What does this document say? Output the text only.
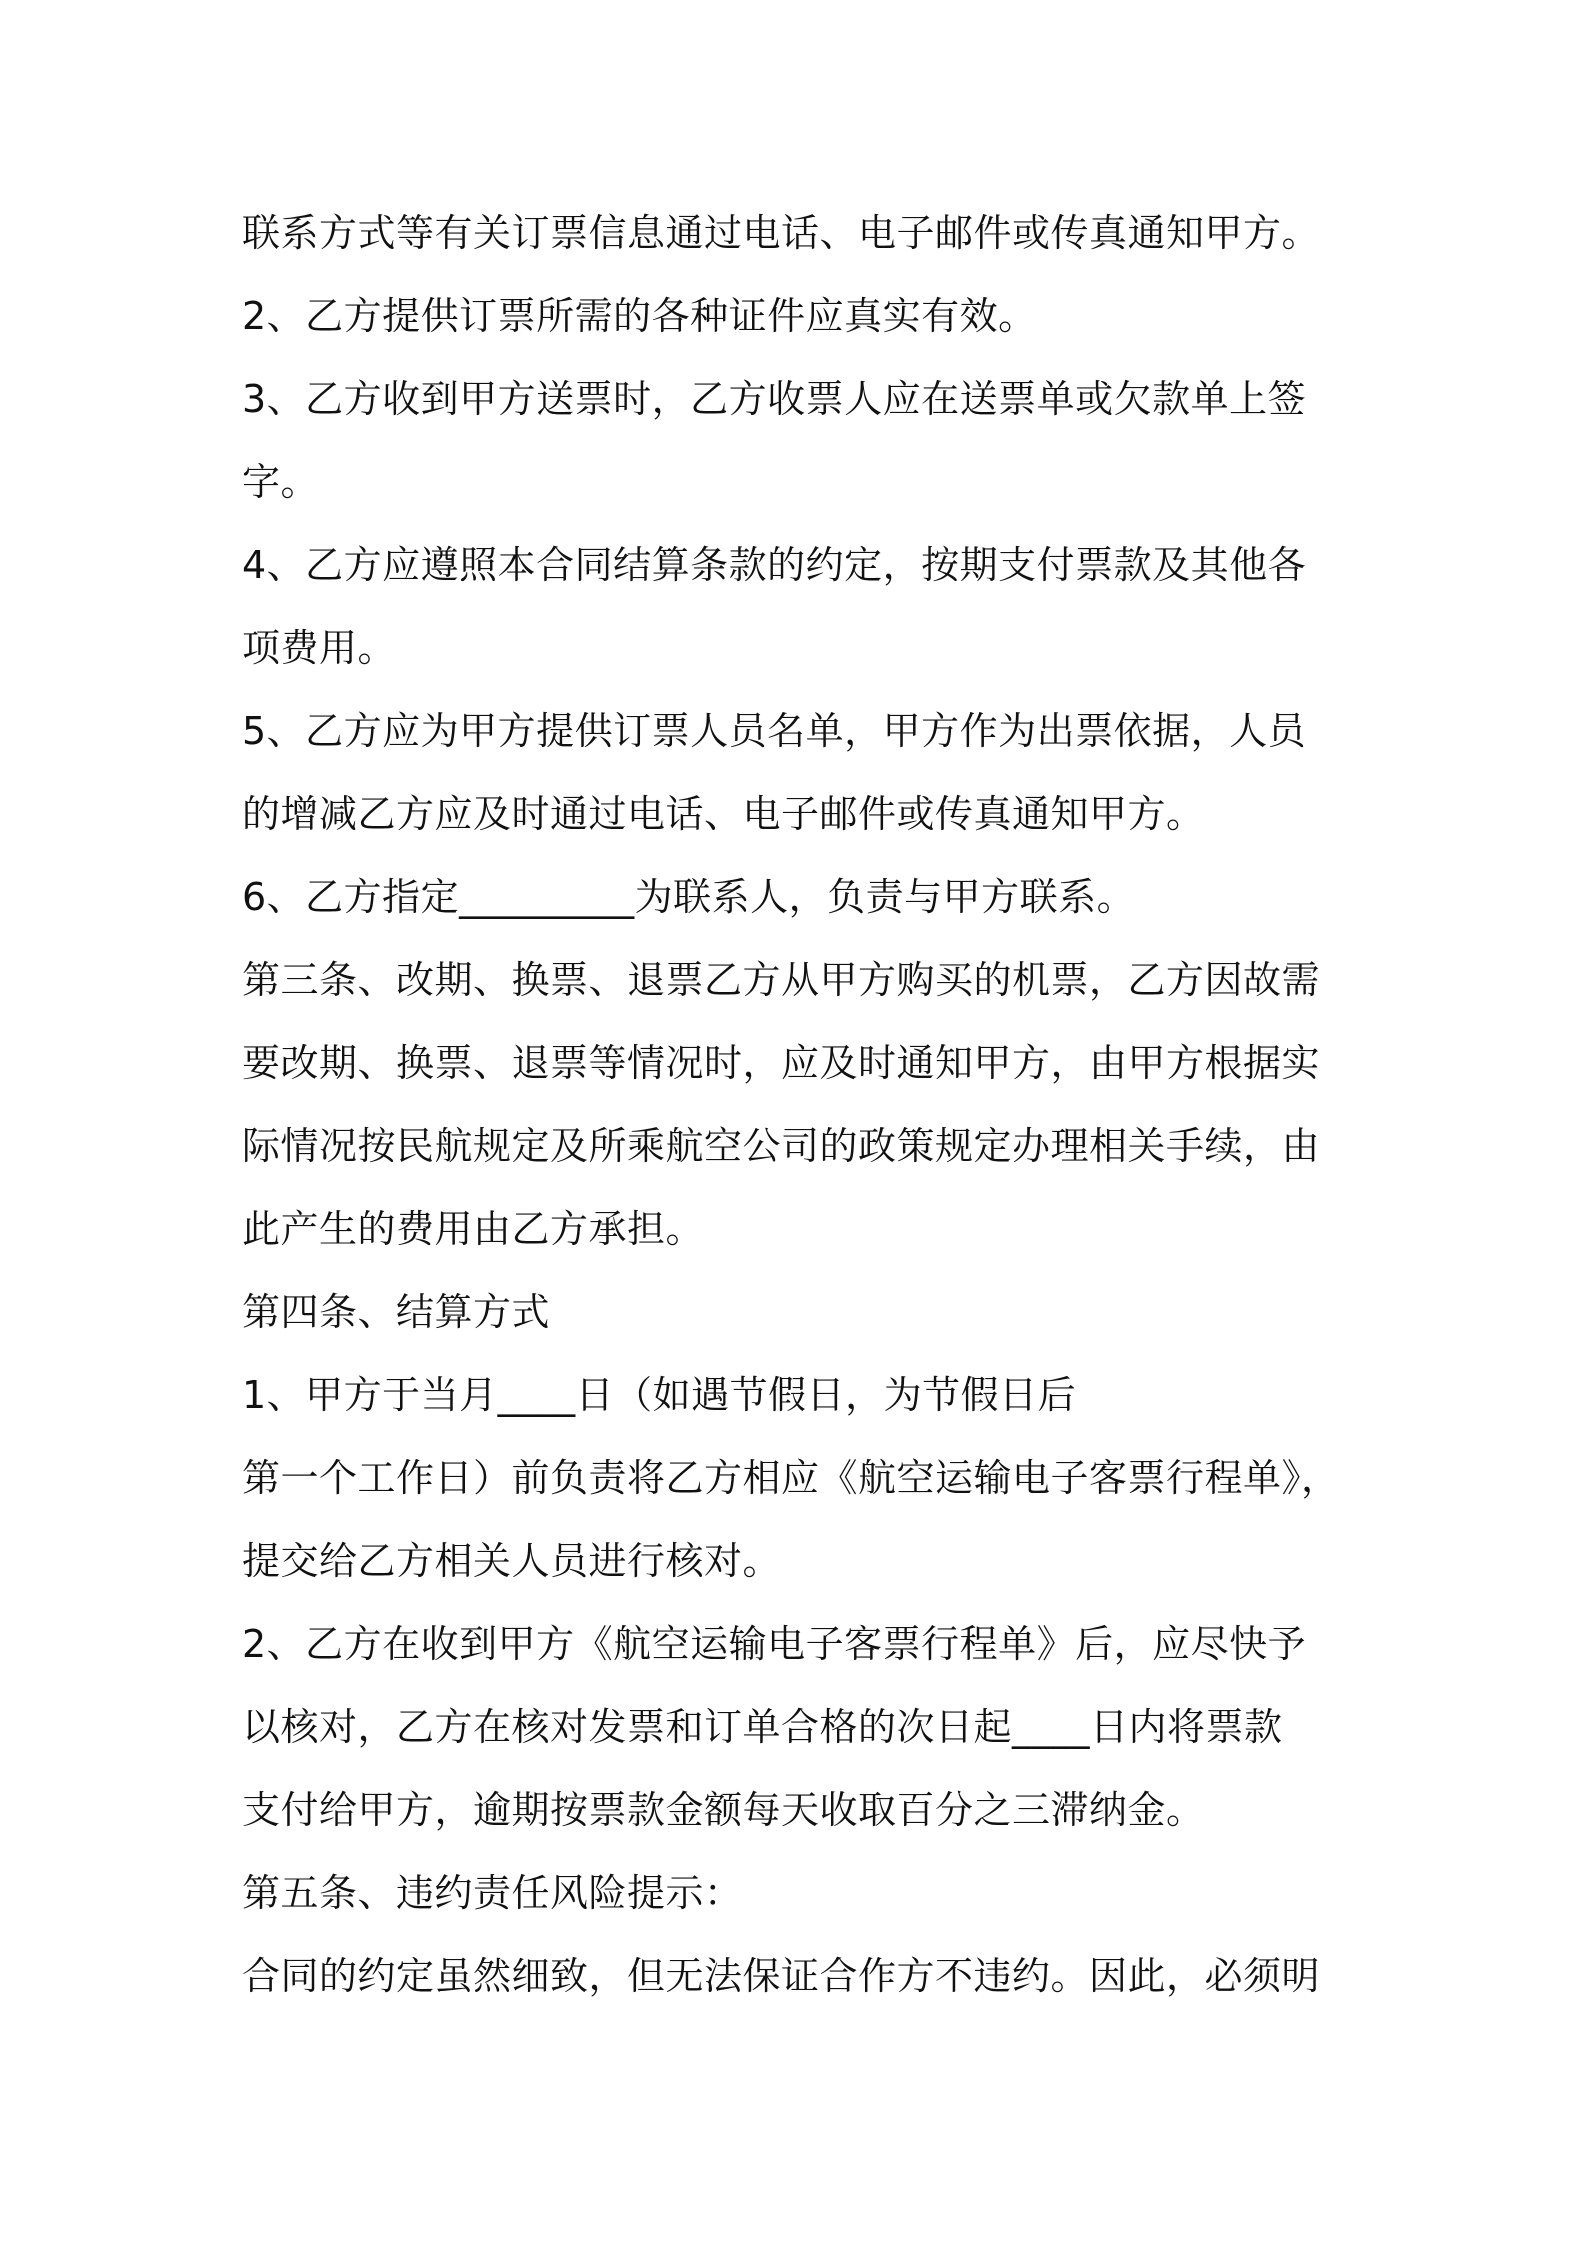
联系方式等有关订票信息通过电话、电子邮件或传真通知甲方。
2、乙方提供订票所需的各种证件应真实有效。
3、乙方收到甲方送票时，乙方收票人应在送票单或欠款单上签
字。
4、乙方应遵照本合同结算条款的约定，按期支付票款及其他各
项费用。
5、乙方应为甲方提供订票人员名单，甲方作为出票依据，人员
的增减乙方应及时通过电话、电子邮件或传真通知甲方。
6、乙方指定_________为联系人，负责与甲方联系。
第三条、改期、换票、退票乙方从甲方购买的机票，乙方因故需
要改期、换票、退票等情况时，应及时通知甲方，由甲方根据实
际情况按民航规定及所乘航空公司的政策规定办理相关手续，由
此产生的费用由乙方承担。
第四条、结算方式
1、甲方于当月____日（如遇节假日，为节假日后
第一个工作日）前负责将乙方相应《航空运输电子客票行程单》，
提交给乙方相关人员进行核对。
2、乙方在收到甲方《航空运输电子客票行程单》后，应尽快予
以核对，乙方在核对发票和订单合格的次日起____日内将票款
支付给甲方，逾期按票款金额每天收取百分之三滞纳金。
第五条、违约责任风险提示：
合同的约定虽然细致，但无法保证合作方不违约。因此，必须明
